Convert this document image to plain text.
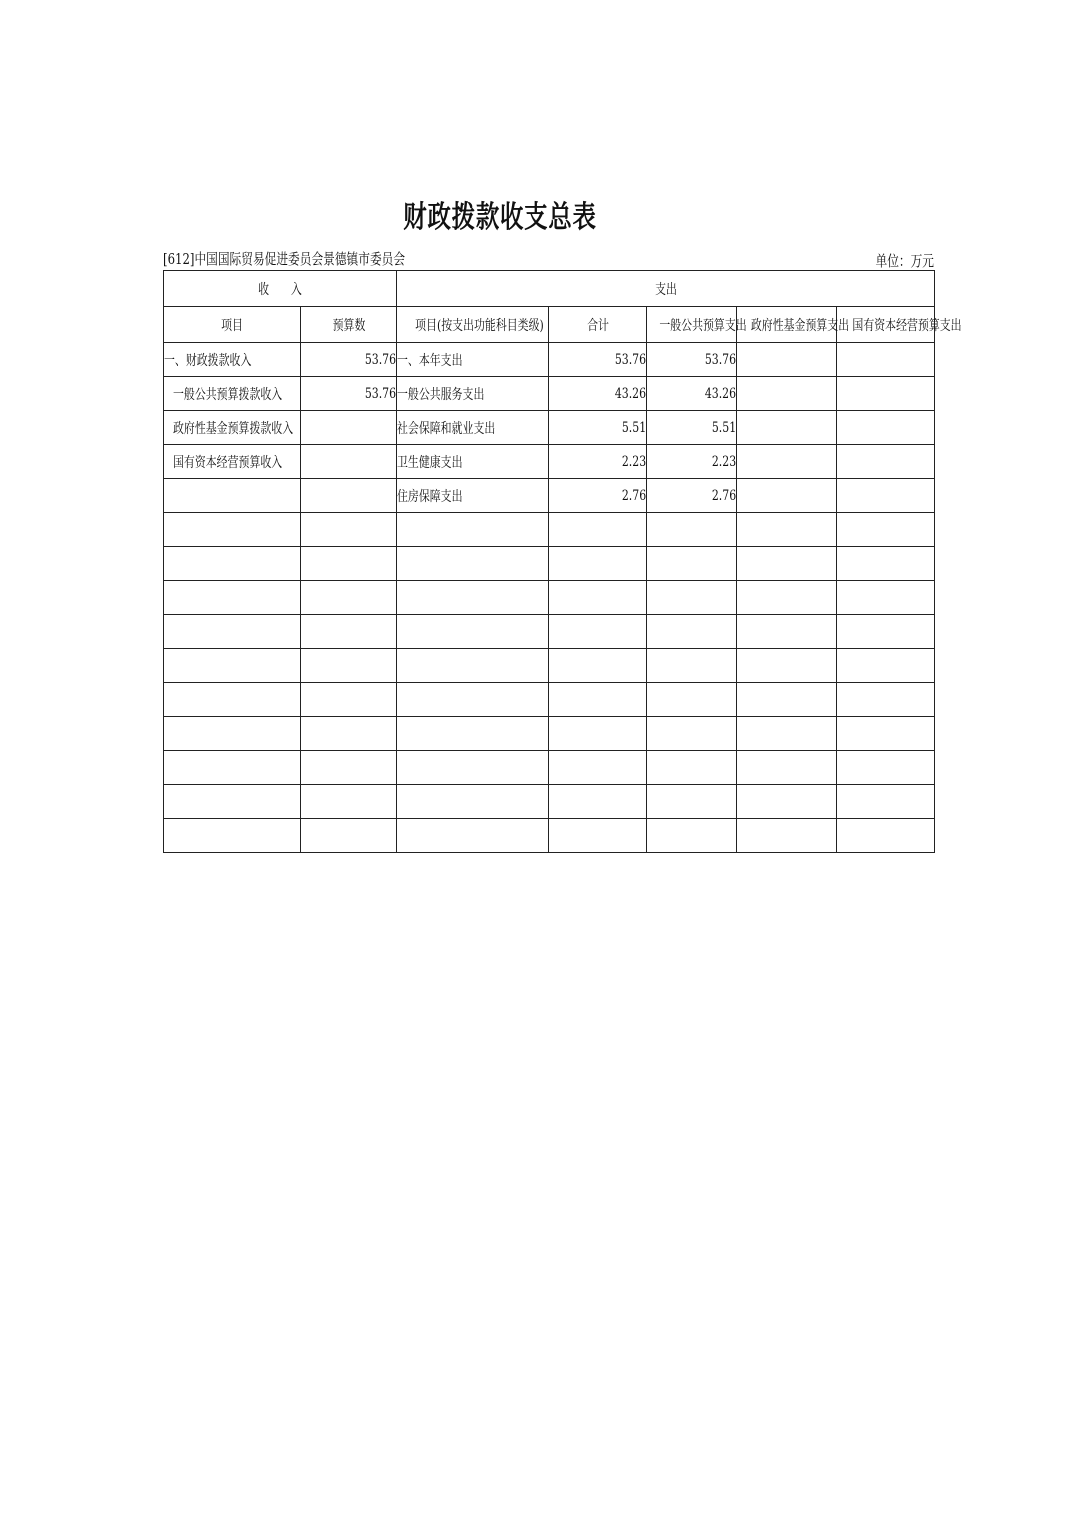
财政拨款收支总表
[612]中国国际贸易促进委员会景德镇市委员会	单位：万元
收　　入		支出				
项目	预算数	项目(按支出功能科目类级)	合计	一般公共预算支出	政府性基金预算支出	国有资本经营预算支出
一、财政拨款收入	53.76	一、本年支出	53.76	53.76		
一般公共预算拨款收入	53.76	一般公共服务支出	43.26	43.26		
政府性基金预算拨款收入		社会保障和就业支出	5.51	5.51		
国有资本经营预算收入		卫生健康支出	2.23	2.23		
		住房保障支出	2.76	2.76		
